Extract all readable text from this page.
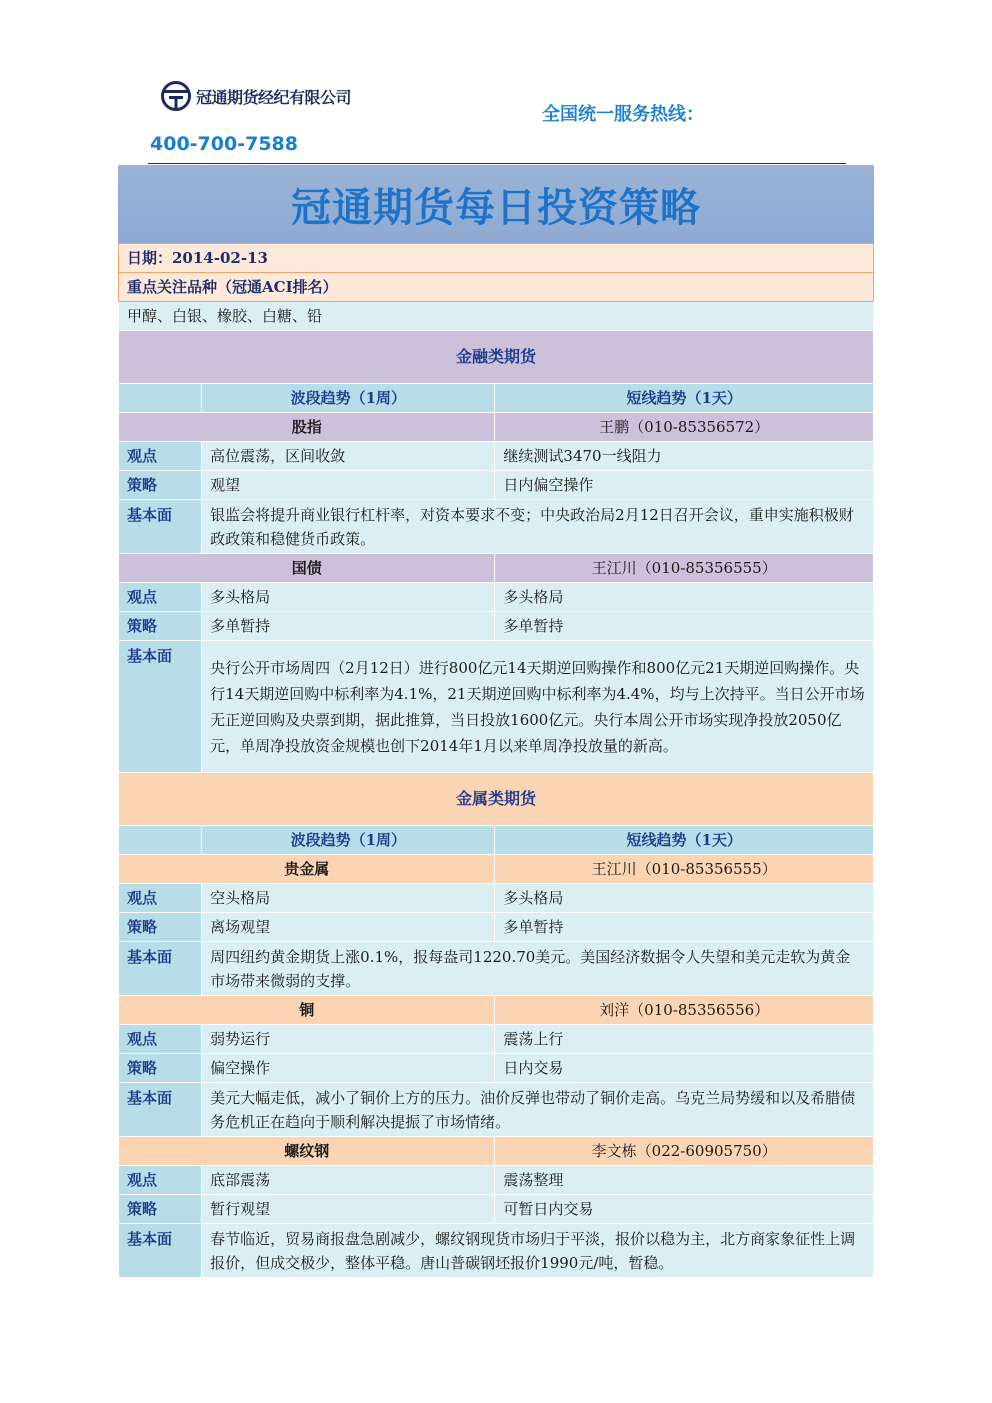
冠通期货经纪有限公司
全国统一服务热线：
400-700-7588
冠通期货每日投资策略
日期：2014-02-13		
重点关注品种（冠通ACI排名）		
甲醇、白银、橡胶、白糖、铅		
金融类期货		
	波段趋势（1周）	短线趋势（1天）
股指		王鹏（010-85356572）
观点	高位震荡，区间收敛	继续测试3470一线阻力
策略	观望	日内偏空操作
基本面	银监会将提升商业银行杠杆率，对资本要求不变；中央政治局2月12日召开会议，重申实施积极财政政策和稳健货币政策。	
国债		王江川（010-85356555）
观点	多头格局	多头格局
策略	多单暂持	多单暂持
基本面	央行公开市场周四（2月12日）进行800亿元14天期逆回购操作和800亿元21天期逆回购操作。央行14天期逆回购中标利率为4.1%，21天期逆回购中标利率为4.4%，均与上次持平。当日公开市场无正逆回购及央票到期，据此推算，当日投放1600亿元。央行本周公开市场实现净投放2050亿元，单周净投放资金规模也创下2014年1月以来单周净投放量的新高。	
金属类期货		
	波段趋势（1周）	短线趋势（1天）
贵金属		王江川（010-85356555）
观点	空头格局	多头格局
策略	离场观望	多单暂持
基本面	周四纽约黄金期货上涨0.1%，报每盎司1220.70美元。美国经济数据令人失望和美元走软为黄金市场带来微弱的支撑。	
铜		刘洋（010-85356556）
观点	弱势运行	震荡上行
策略	偏空操作	日内交易
基本面	美元大幅走低，减小了铜价上方的压力。油价反弹也带动了铜价走高。乌克兰局势缓和以及希腊债务危机正在趋向于顺利解决提振了市场情绪。	
螺纹钢		李文栋（022-60905750）
观点	底部震荡	震荡整理
策略	暂行观望	可暂日内交易
基本面	春节临近，贸易商报盘急剧减少，螺纹钢现货市场归于平淡，报价以稳为主，北方商家象征性上调报价，但成交极少，整体平稳。唐山普碳钢坯报价1990元/吨，暂稳。	
